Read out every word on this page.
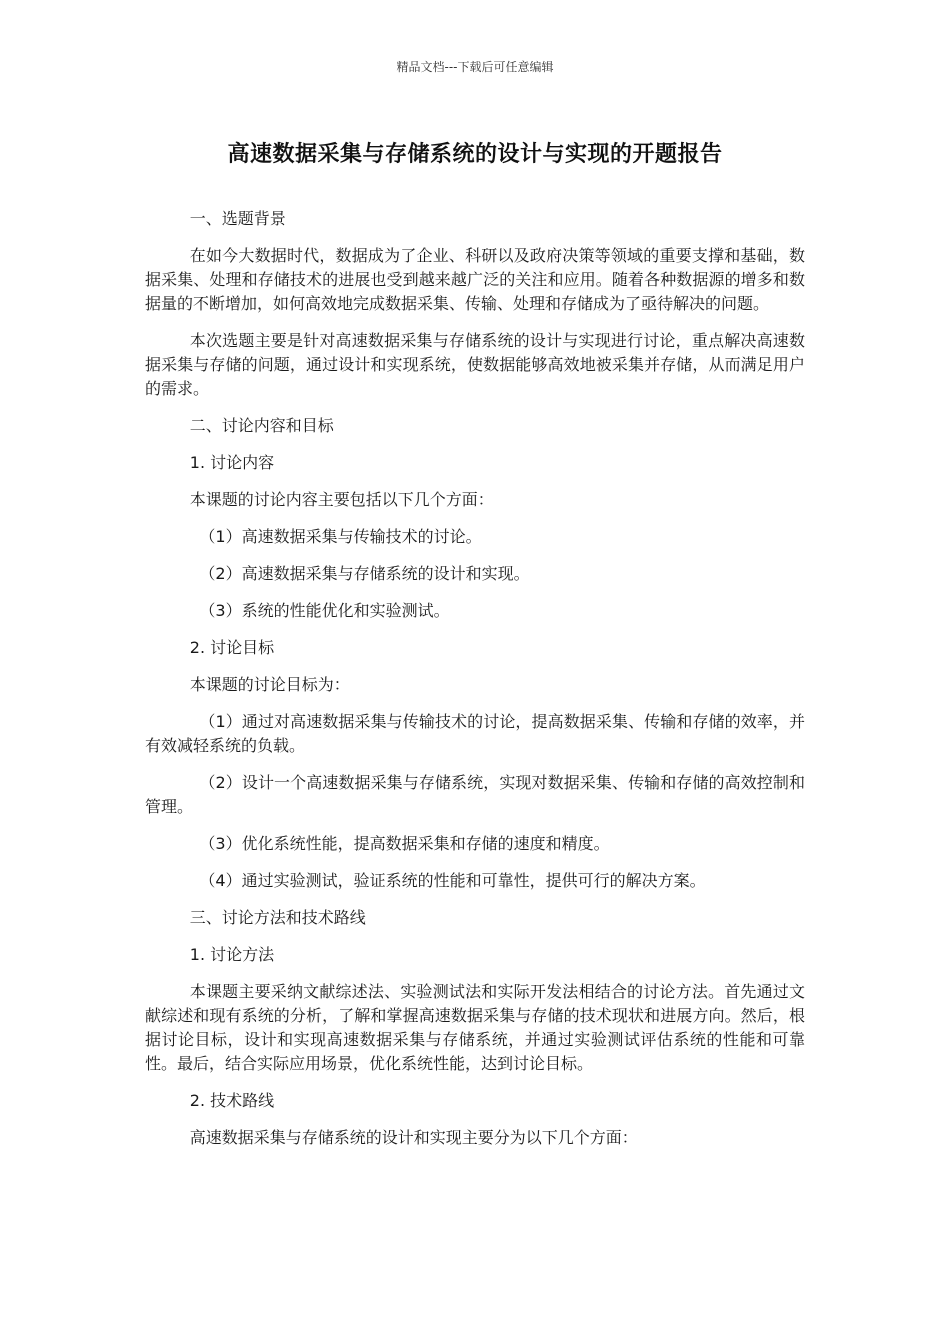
精品文档---下载后可任意编辑
高速数据采集与存储系统的设计与实现的开题报告

一、选题背景

在如今大数据时代，数据成为了企业、科研以及政府决策等领域的重要支撑和基础，数据采集、处理和存储技术的进展也受到越来越广泛的关注和应用。随着各种数据源的增多和数据量的不断增加，如何高效地完成数据采集、传输、处理和存储成为了亟待解决的问题。

本次选题主要是针对高速数据采集与存储系统的设计与实现进行讨论，重点解决高速数据采集与存储的问题，通过设计和实现系统，使数据能够高效地被采集并存储，从而满足用户的需求。

二、讨论内容和目标

1. 讨论内容

本课题的讨论内容主要包括以下几个方面：

（1）高速数据采集与传输技术的讨论。

（2）高速数据采集与存储系统的设计和实现。

（3）系统的性能优化和实验测试。

2. 讨论目标

本课题的讨论目标为：

（1）通过对高速数据采集与传输技术的讨论，提高数据采集、传输和存储的效率，并有效减轻系统的负载。

（2）设计一个高速数据采集与存储系统，实现对数据采集、传输和存储的高效控制和管理。

（3）优化系统性能，提高数据采集和存储的速度和精度。

（4）通过实验测试，验证系统的性能和可靠性，提供可行的解决方案。

三、讨论方法和技术路线

1. 讨论方法

本课题主要采纳文献综述法、实验测试法和实际开发法相结合的讨论方法。首先通过文献综述和现有系统的分析，了解和掌握高速数据采集与存储的技术现状和进展方向。然后，根据讨论目标，设计和实现高速数据采集与存储系统，并通过实验测试评估系统的性能和可靠性。最后，结合实际应用场景，优化系统性能，达到讨论目标。

2. 技术路线

高速数据采集与存储系统的设计和实现主要分为以下几个方面：
